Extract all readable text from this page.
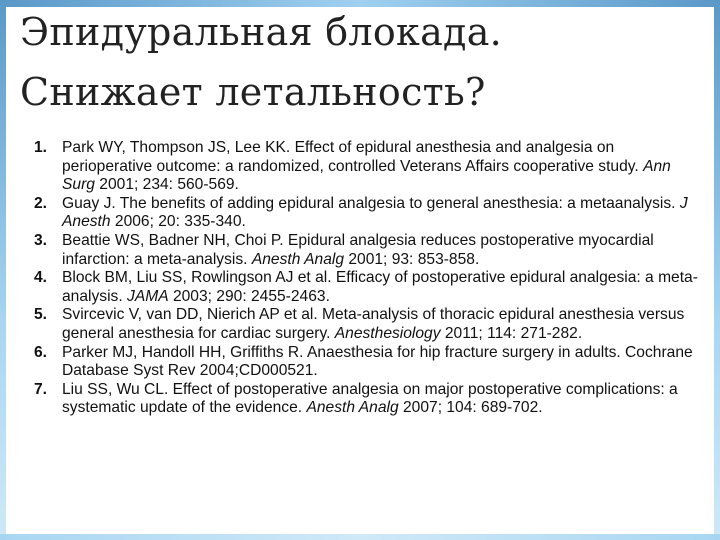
Эпидуральная блокада.
Снижает летальность?
1. Park WY, Thompson JS, Lee KK. Effect of epidural anesthesia and analgesia on perioperative outcome: a randomized, controlled Veterans Affairs cooperative study. Ann Surg 2001; 234: 560-569.
2. Guay J. The benefits of adding epidural analgesia to general anesthesia: a metaanalysis. J Anesth 2006; 20: 335-340.
3. Beattie WS, Badner NH, Choi P. Epidural analgesia reduces postoperative myocardial infarction: a meta-analysis. Anesth Analg 2001; 93: 853-858.
4. Block BM, Liu SS, Rowlingson AJ et al. Efficacy of postoperative epidural analgesia: a meta-analysis. JAMA 2003; 290: 2455-2463.
5. Svircevic V, van DD, Nierich AP et al. Meta-analysis of thoracic epidural anesthesia versus general anesthesia for cardiac surgery. Anesthesiology 2011; 114: 271-282.
6. Parker MJ, Handoll HH, Griffiths R. Anaesthesia for hip fracture surgery in adults. Cochrane Database Syst Rev 2004;CD000521.
7. Liu SS, Wu CL. Effect of postoperative analgesia on major postoperative complications: a systematic update of the evidence. Anesth Analg 2007; 104: 689-702.
